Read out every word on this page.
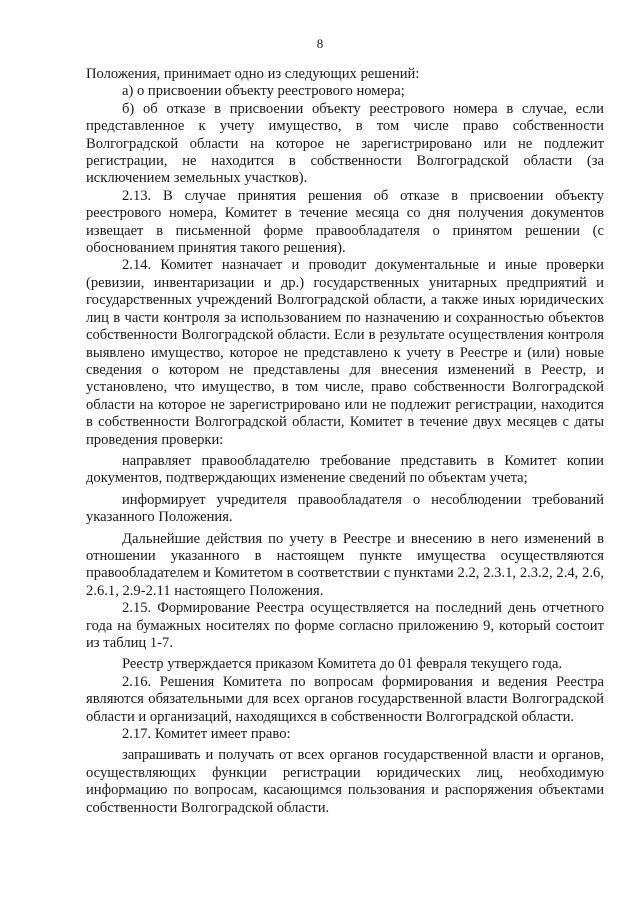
8

Положения, принимает одно из следующих решений:

а) о присвоении объекту реестрового номера;

б) об отказе в присвоении объекту реестрового номера в случае, если представленное к учету имущество, в том числе право собственности Волгоградской области на которое не зарегистрировано или не подлежит регистрации, не находится в собственности Волгоградской области (за исключением земельных участков).

2.13. В случае принятия решения об отказе в присвоении объекту реестрового номера, Комитет в течение месяца со дня получения документов извещает в письменной форме правообладателя о принятом решении (с обоснованием принятия такого решения).

2.14. Комитет назначает и проводит документальные и иные проверки (ревизии, инвентаризации и др.) государственных унитарных предприятий и государственных учреждений Волгоградской области, а также иных юридических лиц в части контроля за использованием по назначению и сохранностью объектов собственности Волгоградской области. Если в результате осуществления контроля выявлено имущество, которое не представлено к учету в Реестре и (или) новые сведения о котором не представлены для внесения изменений в Реестр, и установлено, что имущество, в том числе, право собственности Волгоградской области на которое не зарегистрировано или не подлежит регистрации, находится в собственности Волгоградской области, Комитет в течение двух месяцев с даты проведения проверки:

направляет правообладателю требование представить в Комитет копии документов, подтверждающих изменение сведений по объектам учета;

информирует учредителя правообладателя о несоблюдении требований указанного Положения.

Дальнейшие действия по учету в Реестре и внесению в него изменений в отношении указанного в настоящем пункте имущества осуществляются правообладателем и Комитетом в соответствии с пунктами 2.2, 2.3.1, 2.3.2, 2.4, 2.6, 2.6.1, 2.9-2.11 настоящего Положения.

2.15. Формирование Реестра осуществляется на последний день отчетного года на бумажных носителях по форме согласно приложению 9, который состоит из таблиц 1-7.

Реестр утверждается приказом Комитета до 01 февраля текущего года.

2.16. Решения Комитета по вопросам формирования и ведения Реестра являются обязательными для всех органов государственной власти Волгоградской области и организаций, находящихся в собственности Волгоградской области.

2.17. Комитет имеет право:

запрашивать и получать от всех органов государственной власти и органов, осуществляющих функции регистрации юридических лиц, необходимую информацию по вопросам, касающимся пользования и распоряжения объектами собственности Волгоградской области.
